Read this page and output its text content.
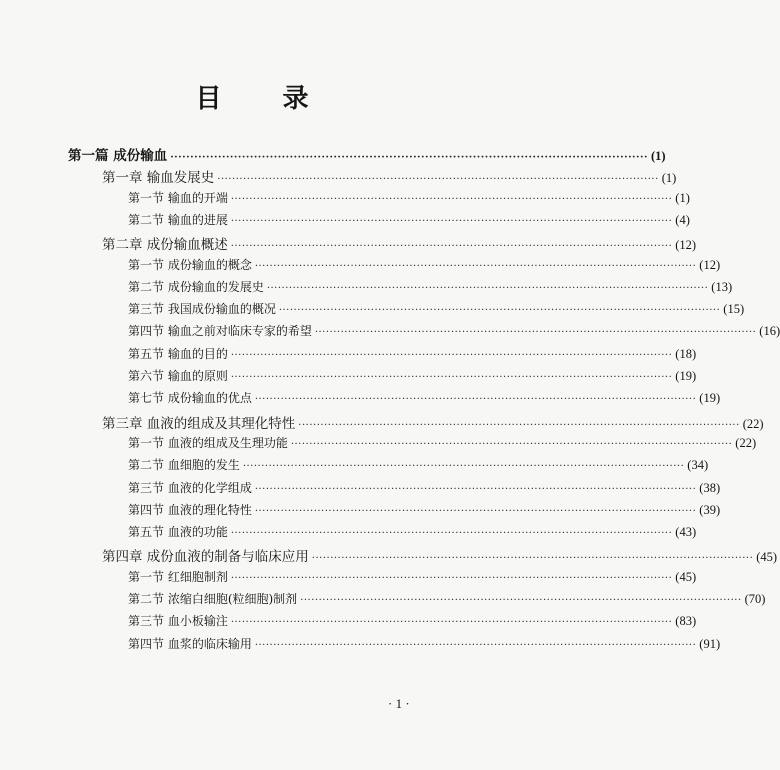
目 录
第一篇 成份输血 ························································································································ (1)
第一章 输血发展史 ························································································································ (1)
第一节 输血的开端 ························································································································ (1)
第二节 输血的进展 ························································································································ (4)
第二章 成份输血概述 ························································································································ (12)
第一节 成份输血的概念 ························································································································ (12)
第二节 成份输血的发展史 ························································································································ (13)
第三节 我国成份输血的概况 ························································································································ (15)
第四节 输血之前对临床专家的希望 ························································································································ (16)
第五节 输血的目的 ························································································································ (18)
第六节 输血的原则 ························································································································ (19)
第七节 成份输血的优点 ························································································································ (19)
第三章 血液的组成及其理化特性 ························································································································ (22)
第一节 血液的组成及生理功能 ························································································································ (22)
第二节 血细胞的发生 ························································································································ (34)
第三节 血液的化学组成 ························································································································ (38)
第四节 血液的理化特性 ························································································································ (39)
第五节 血液的功能 ························································································································ (43)
第四章 成份血液的制备与临床应用 ························································································································ (45)
第一节 红细胞制剂 ························································································································ (45)
第二节 浓缩白细胞(粒细胞)制剂 ························································································································ (70)
第三节 血小板输注 ························································································································ (83)
第四节 血浆的临床输用 ························································································································ (91)
· 1 ·
